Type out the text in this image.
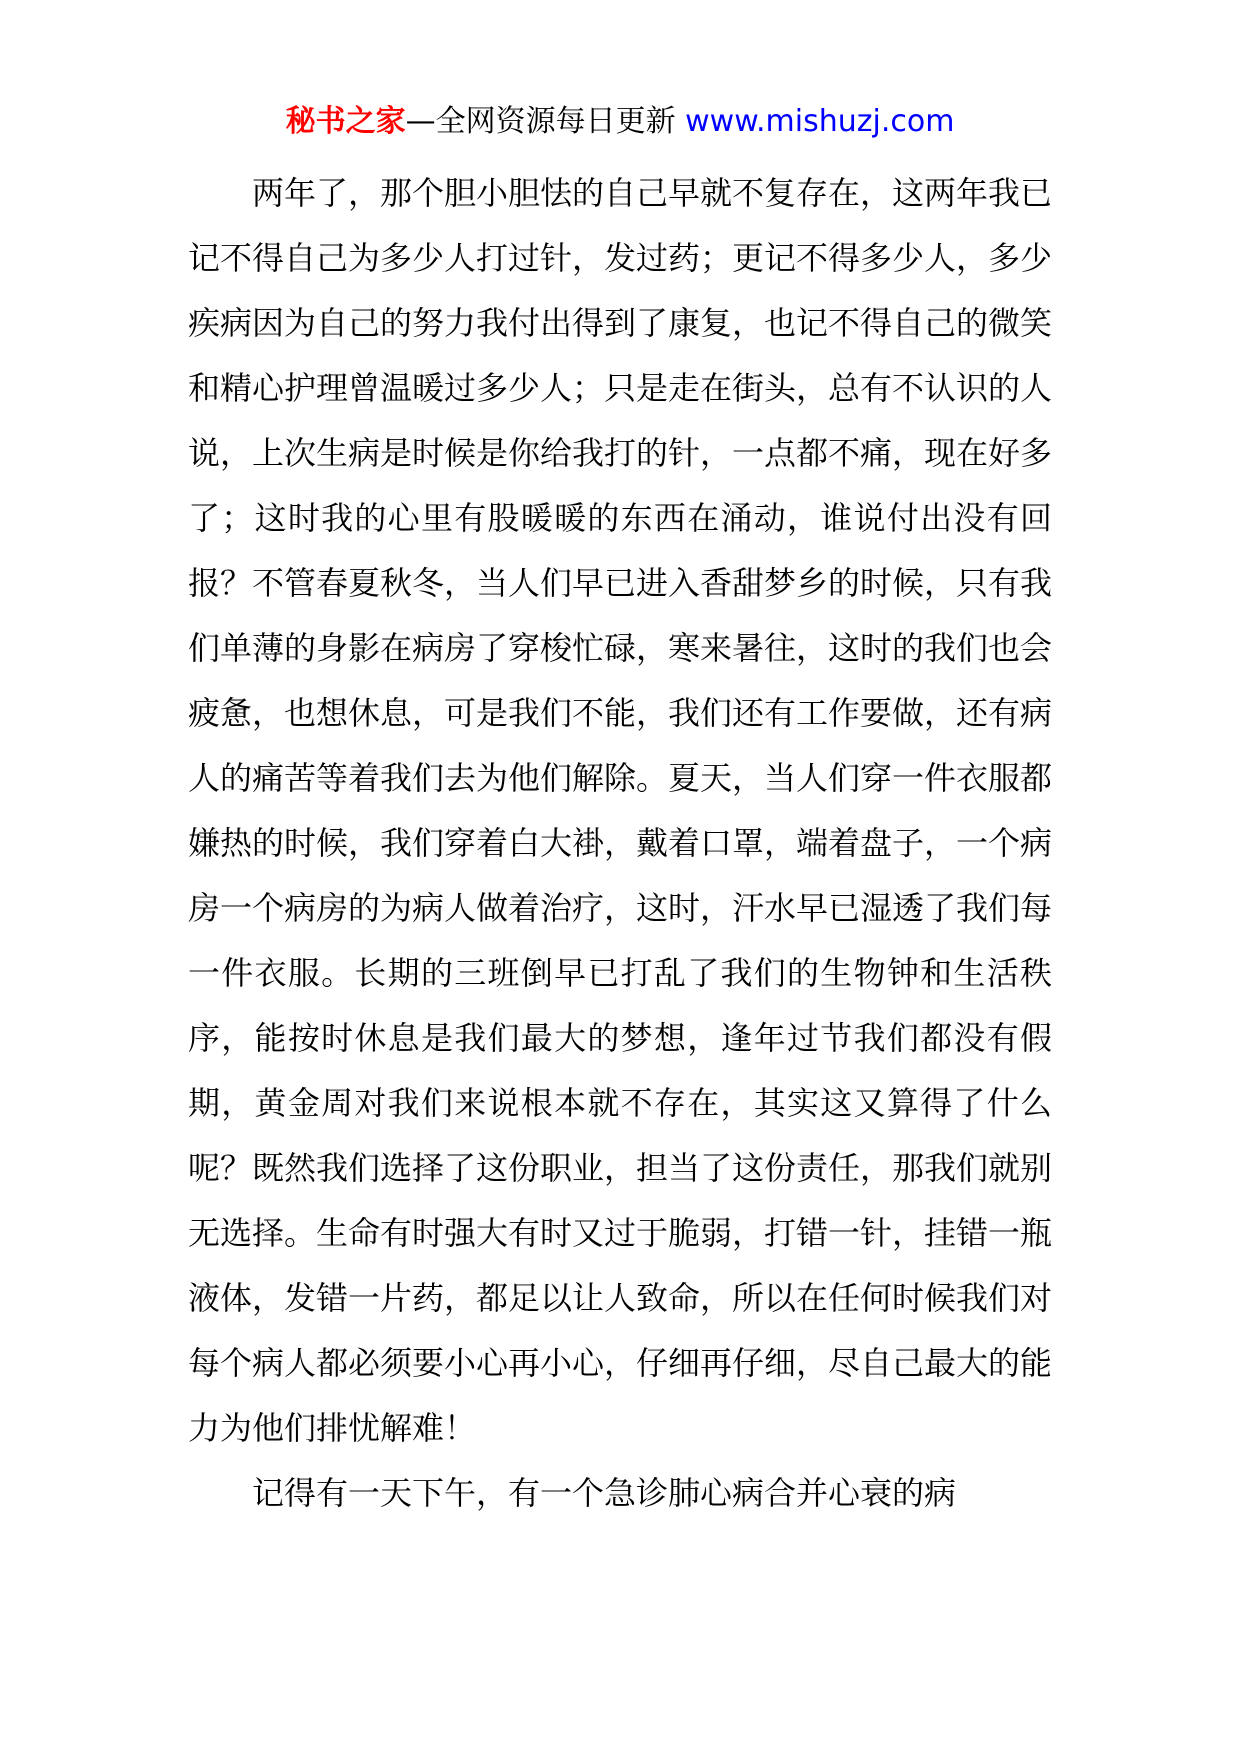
秘书之家—全网资源每日更新 www.mishuzj.com

两年了，那个胆小胆怯的自己早就不复存在，这两年我已记不得自己为多少人打过针，发过药；更记不得多少人，多少疾病因为自己的努力我付出得到了康复，也记不得自己的微笑和精心护理曾温暖过多少人；只是走在街头，总有不认识的人说，上次生病是时候是你给我打的针，一点都不痛，现在好多了；这时我的心里有股暖暖的东西在涌动，谁说付出没有回报？不管春夏秋冬，当人们早已进入香甜梦乡的时候，只有我们单薄的身影在病房了穿梭忙碌，寒来暑往，这时的我们也会疲惫，也想休息，可是我们不能，我们还有工作要做，还有病人的痛苦等着我们去为他们解除。夏天，当人们穿一件衣服都嫌热的时候，我们穿着白大褂，戴着口罩，端着盘子，一个病房一个病房的为病人做着治疗，这时，汗水早已湿透了我们每一件衣服。长期的三班倒早已打乱了我们的生物钟和生活秩序，能按时休息是我们最大的梦想，逢年过节我们都没有假期，黄金周对我们来说根本就不存在，其实这又算得了什么呢？既然我们选择了这份职业，担当了这份责任，那我们就别无选择。生命有时强大有时又过于脆弱，打错一针，挂错一瓶液体，发错一片药，都足以让人致命，所以在任何时候我们对每个病人都必须要小心再小心，仔细再仔细，尽自己最大的能力为他们排忧解难！

记得有一天下午，有一个急诊肺心病合并心衰的病
